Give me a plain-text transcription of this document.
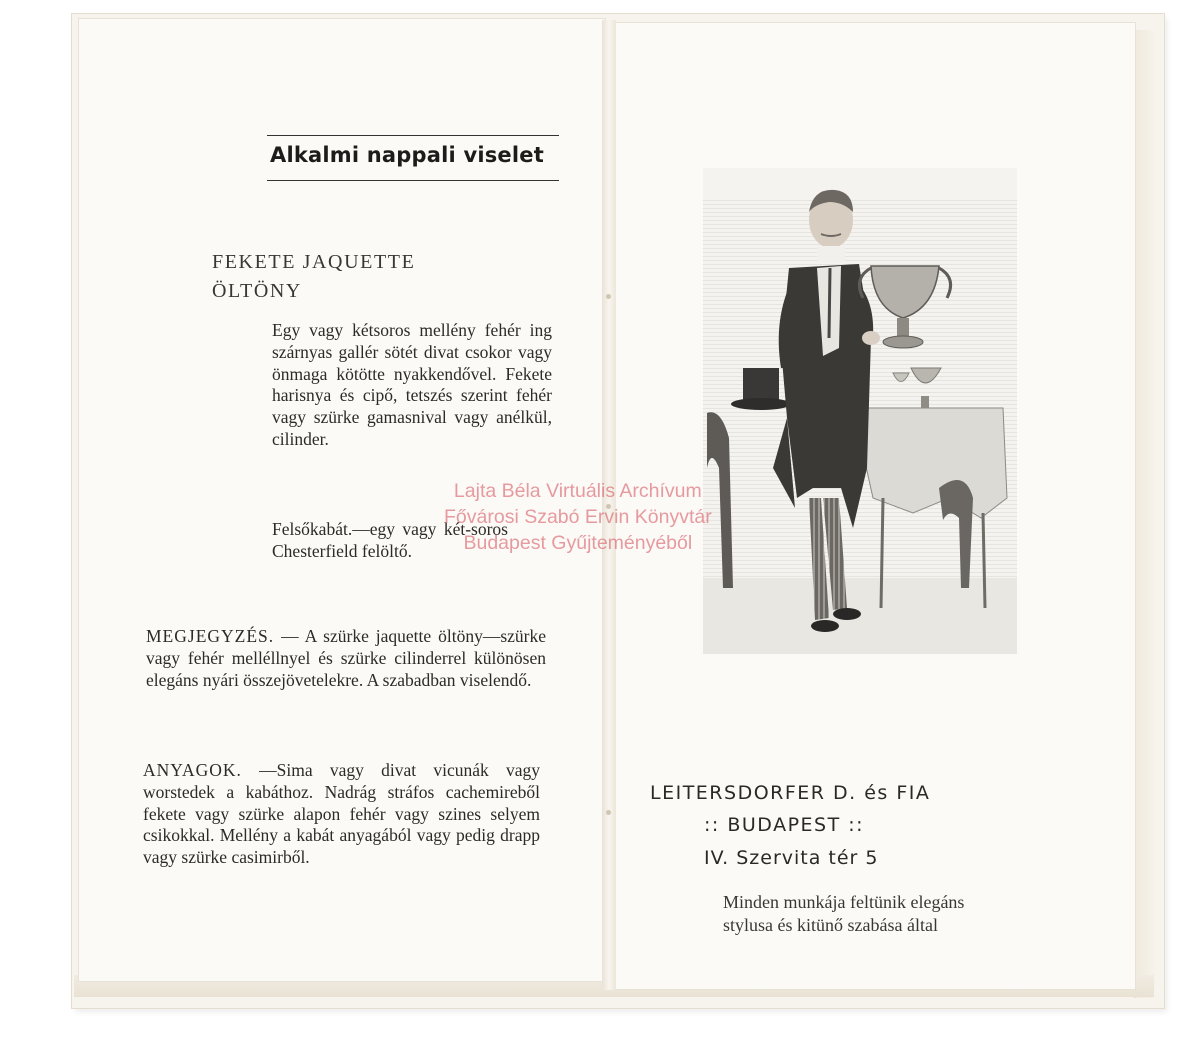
Alkalmi nappali viselet
FEKETE JAQUETTE
ÖLTÖNY
Egy vagy kétsoros mellény fehér ing szárnyas gallér sötét divat csokor vagy önmaga kötötte nyakkendővel. Fekete harisnya és cipő, tetszés szerint fehér vagy szürke gamasnival vagy anélkül, cilinder.
Felsőkabát.—egy vagy két-soros Chesterfield felöltő.
MEGJEGYZÉS. — A szürke jaquette öltöny—szürke vagy fehér melléllnyel és szürke cilinderrel különösen elegáns nyári összejövetelekre. A szabadban viselendő.
ANYAGOK. —Sima vagy divat vicunák vagy worstedek a kabáthoz. Nadrág stráfos cachemireből fekete vagy szürke alapon fehér vagy szines selyem csikokkal. Mellény a kabát anyagából vagy pedig drapp vagy szürke casimirből.
LEITERSDORFER D. és FIA
:: BUDAPEST ::
IV. Szervita tér 5
Minden munkája feltünik elegáns
stylusa és kitünő szabása által
Lajta Béla Virtuális Archívum
Fővárosi Szabó Ervin Könyvtár
Budapest Gyűjteményéből
